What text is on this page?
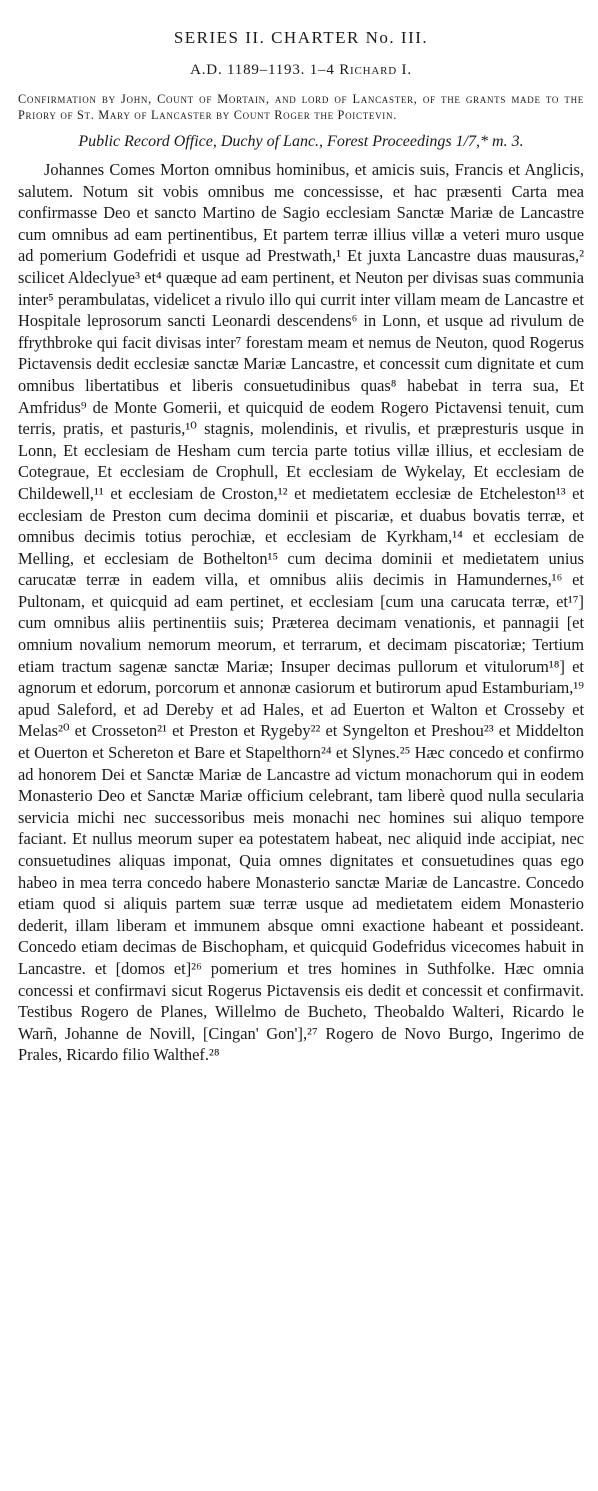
SERIES II. CHARTER No. III.
A.D. 1189–1193. 1–4 Richard I.

Confirmation by John, Count of Mortain, and lord of Lancaster, of the grants made to the Priory of St. Mary of Lancaster by Count Roger the Poictevin.

Public Record Office, Duchy of Lanc., Forest Proceedings 1/7,* m. 3.

Johannes Comes Morton omnibus hominibus, et amicis suis, Francis et Anglicis, salutem. Notum sit vobis omnibus me concessisse, et hac præsenti Carta mea confirmasse Deo et sancto Martino de Sagio ecclesiam Sanctæ Mariæ de Lancastre cum omnibus ad eam pertinentibus, Et partem terræ illius villæ a veteri muro usque ad pomerium Godefridi et usque ad Prestwath,¹ Et juxta Lancastre duas mausuras,² scilicet Aldeclyue³ et⁴ quæque ad eam pertinent, et Neuton per divisas suas communia inter⁵ perambulatas, videlicet a rivulo illo qui currit inter villam meam de Lancastre et Hospitale leprosorum sancti Leonardi descendens⁶ in Lonn, et usque ad rivulum de ffrythbroke qui facit divisas inter⁷ forestam meam et nemus de Neuton, quod Rogerus Pictavensis dedit ecclesiæ sanctæ Mariæ Lancastre, et concessit cum dignitate et cum omnibus libertatibus et liberis consuetudinibus quas⁸ habebat in terra sua, Et Amfridus⁹ de Monte Gomerii, et quicquid de eodem Rogero Pictavensi tenuit, cum terris, pratis, et pasturis,¹⁰ stagnis, molendinis, et rivulis, et præpresturis usque in Lonn, Et ecclesiam de Hesham cum tercia parte totius villæ illius, et ecclesiam de Cotegraue, Et ecclesiam de Crophull, Et ecclesiam de Wykelay, Et ecclesiam de Childewell,¹¹ et ecclesiam de Croston,¹² et medietatem ecclesiæ de Etcheleston¹³ et ecclesiam de Preston cum decima dominii et piscariæ, et duabus bovatis terræ, et omnibus decimis totius perochiæ, et ecclesiam de Kyrkham,¹⁴ et ecclesiam de Melling, et ecclesiam de Bothelton¹⁵ cum decima dominii et medietatem unius carucatæ terræ in eadem villa, et omnibus aliis decimis in Hamundernes,¹⁶ et Pultonam, et quicquid ad eam pertinet, et ecclesiam [cum una carucata terræ, et¹⁷] cum omnibus aliis pertinentiis suis; Præterea decimam venationis, et pannagii [et omnium novalium nemorum meorum, et terrarum, et decimam piscatoriæ; Tertium etiam tractum sagenæ sanctæ Mariæ; Insuper decimas pullorum et vitulorum¹⁸] et agnorum et edorum, porcorum et annonæ casiorum et butirorum apud Estamburiam,¹⁹ apud Saleford, et ad Dereby et ad Hales, et ad Euerton et Walton et Crosseby et Melas²⁰ et Crosseton²¹ et Preston et Rygeby²² et Syngelton et Preshou²³ et Middelton et Ouerton et Schereton et Bare et Stapelthorn²⁴ et Slynes.²⁵ Hæc concedo et confirmo ad honorem Dei et Sanctæ Mariæ de Lancastre ad victum monachorum qui in eodem Monasterio Deo et Sanctæ Mariæ officium celebrant, tam liberè quod nulla secularia servicia michi nec successoribus meis monachi nec homines sui aliquo tempore faciant. Et nullus meorum super ea potestatem habeat, nec aliquid inde accipiat, nec consuetudines aliquas imponat, Quia omnes dignitates et consuetudines quas ego habeo in mea terra concedo habere Monasterio sanctæ Mariæ de Lancastre. Concedo etiam quod si aliquis partem suæ terræ usque ad medietatem eidem Monasterio dederit, illam liberam et immunem absque omni exactione habeant et possideant. Concedo etiam decimas de Bischopham, et quicquid Godefridus vicecomes habuit in Lancastre. et [domos et]²⁶ pomerium et tres homines in Suthfolke. Hæc omnia concessi et confirmavi sicut Rogerus Pictavensis eis dedit et concessit et confirmavit. Testibus Rogero de Planes, Willelmo de Bucheto, Theobaldo Walteri, Ricardo le Warñ, Johanne de Novill, [Cingan' Gon'],²⁷ Rogero de Novo Burgo, Ingerimo de Prales, Ricardo filio Walthef.²⁸
